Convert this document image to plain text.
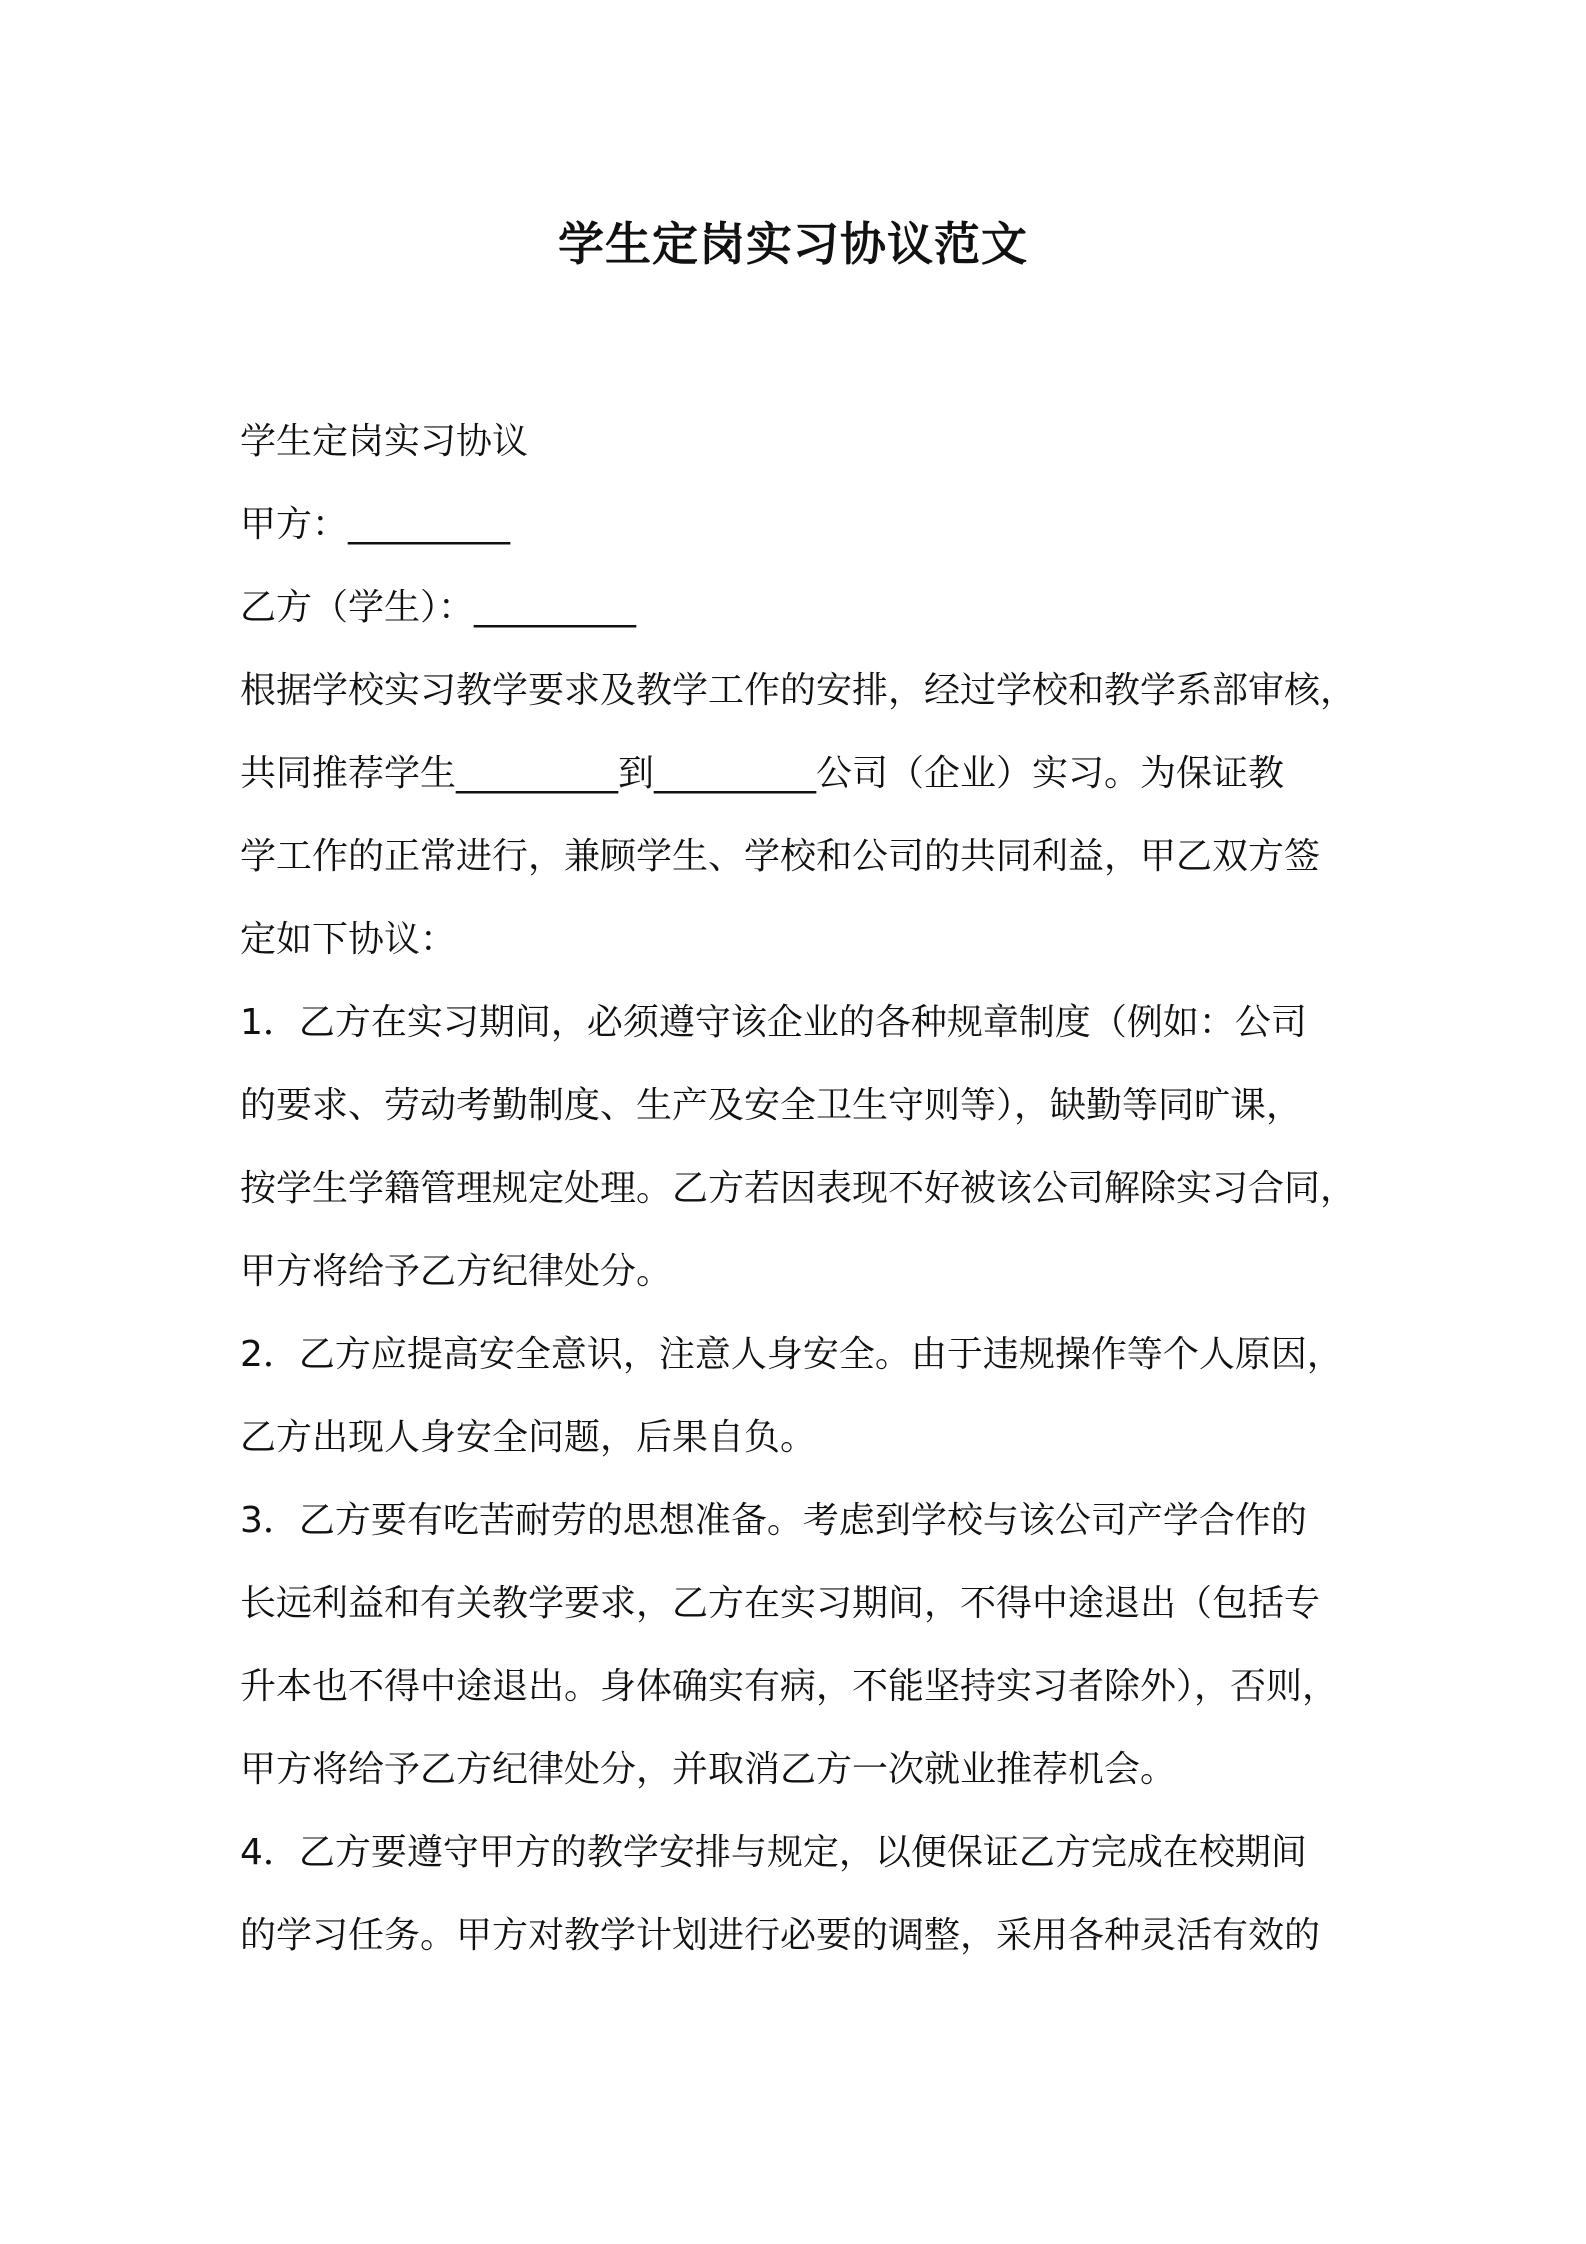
学生定岗实习协议范文
学生定岗实习协议
甲方：_________
乙方（学生）：_________
根据学校实习教学要求及教学工作的安排，经过学校和教学系部审核，
共同推荐学生_________到_________公司（企业）实习。为保证教
学工作的正常进行，兼顾学生、学校和公司的共同利益，甲乙双方签
定如下协议：
1．乙方在实习期间，必须遵守该企业的各种规章制度（例如：公司
的要求、劳动考勤制度、生产及安全卫生守则等），缺勤等同旷课，
按学生学籍管理规定处理。乙方若因表现不好被该公司解除实习合同，
甲方将给予乙方纪律处分。
2．乙方应提高安全意识，注意人身安全。由于违规操作等个人原因，
乙方出现人身安全问题，后果自负。
3．乙方要有吃苦耐劳的思想准备。考虑到学校与该公司产学合作的
长远利益和有关教学要求，乙方在实习期间，不得中途退出（包括专
升本也不得中途退出。身体确实有病，不能坚持实习者除外），否则，
甲方将给予乙方纪律处分，并取消乙方一次就业推荐机会。
4．乙方要遵守甲方的教学安排与规定，以便保证乙方完成在校期间
的学习任务。甲方对教学计划进行必要的调整，采用各种灵活有效的
